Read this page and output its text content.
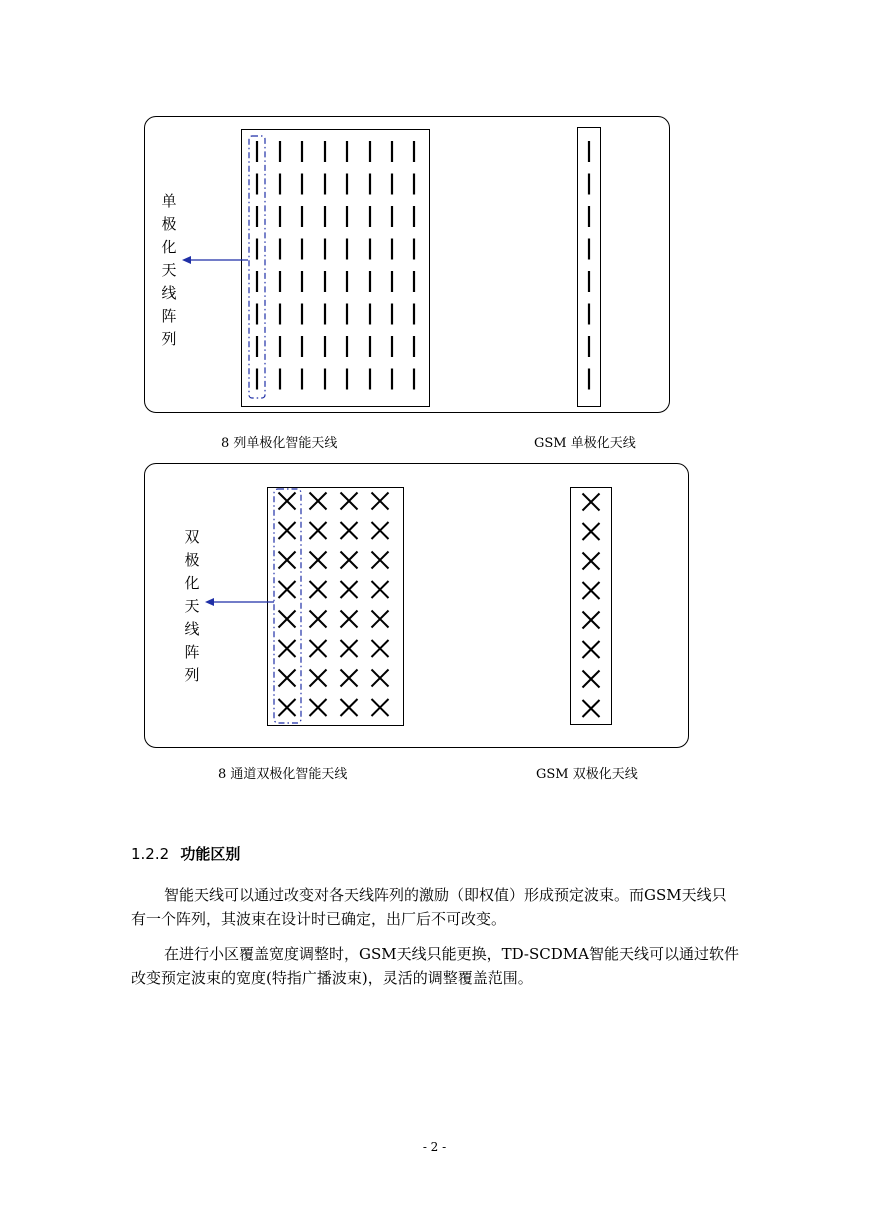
单极化天线阵列
8 列单极化智能天线	GSM 单极化天线
双极化天线阵列
8 通道双极化智能天线	GSM 双极化天线
1.2.2 功能区别

智能天线可以通过改变对各天线阵列的激励（即权值）形成预定波束。而GSM天线只有一个阵列，其波束在设计时已确定，出厂后不可改变。

在进行小区覆盖宽度调整时，GSM天线只能更换，TD-SCDMA智能天线可以通过软件改变预定波束的宽度(特指广播波束)，灵活的调整覆盖范围。

- 2 -
